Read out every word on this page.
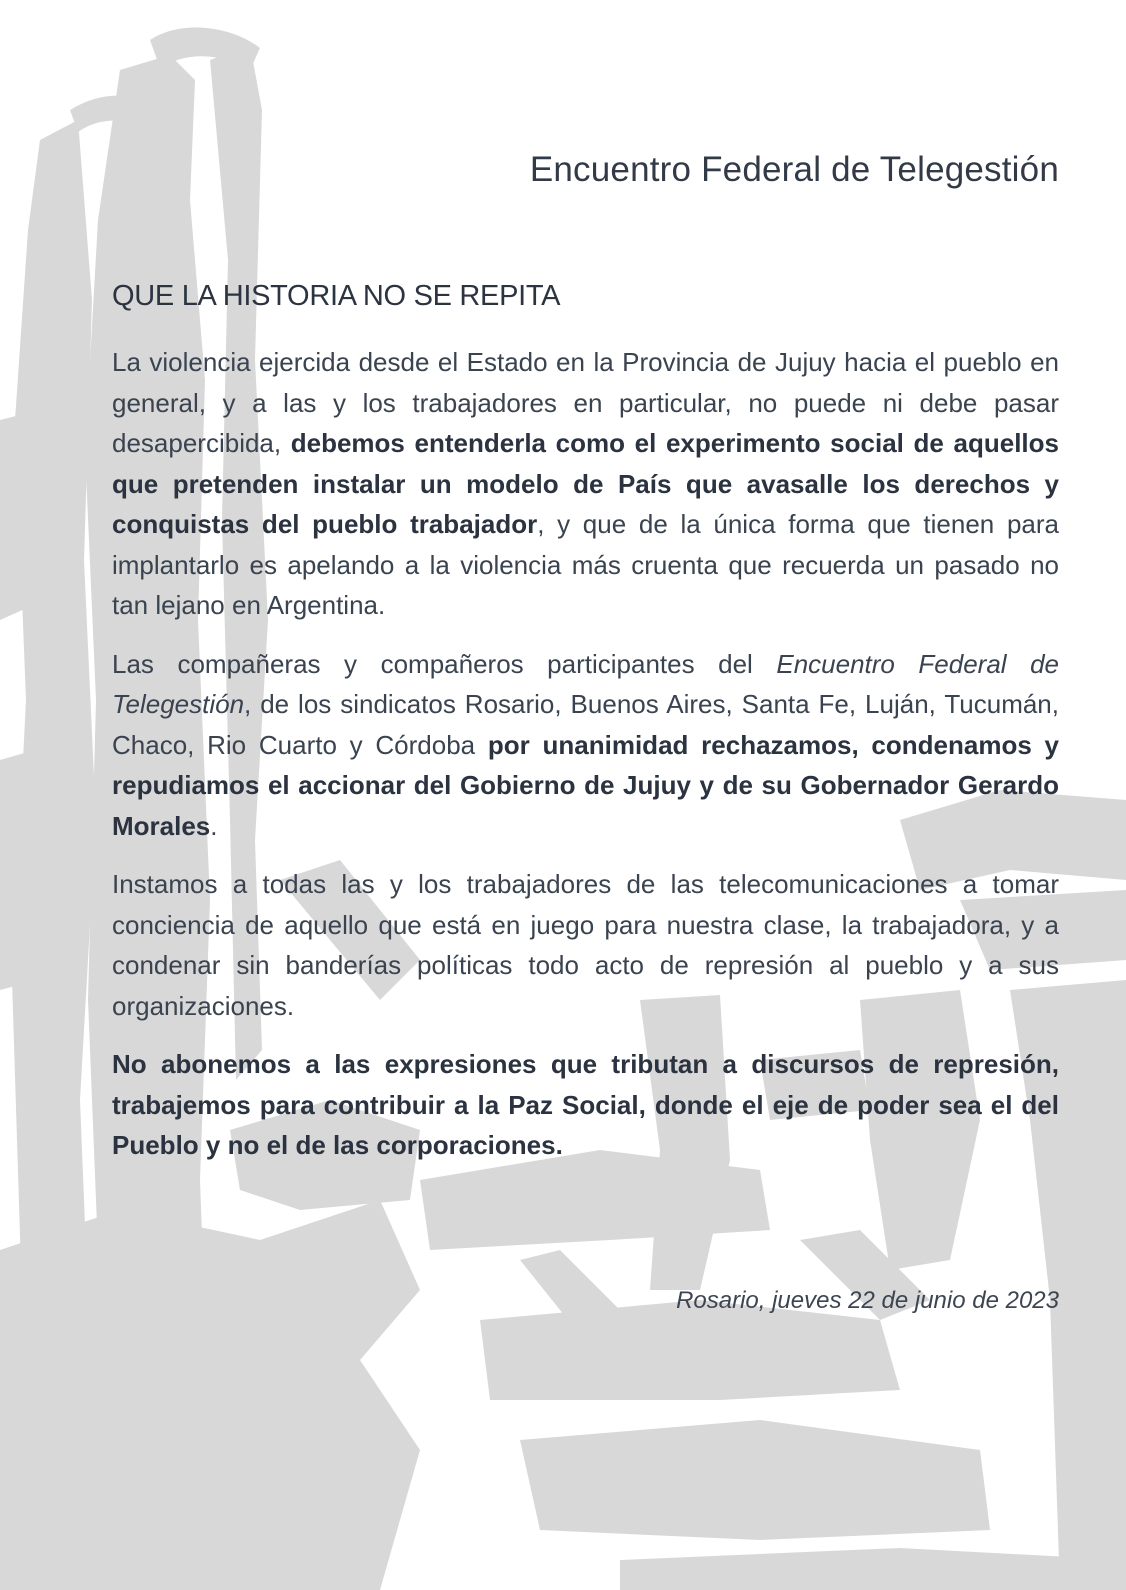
Encuentro Federal de Telegestión
QUE LA HISTORIA NO SE REPITA

La violencia ejercida desde el Estado en la Provincia de Jujuy hacia el pueblo en general, y a las y los trabajadores en particular, no puede ni debe pasar desapercibida, debemos entenderla como el experimento social de aquellos que pretenden instalar un modelo de País que avasalle los derechos y conquistas del pueblo trabajador, y que de la única forma que tienen para implantarlo es apelando a la violencia más cruenta que recuerda un pasado no tan lejano en Argentina.

Las compañeras y compañeros participantes del Encuentro Federal de Telegestión, de los sindicatos Rosario, Buenos Aires, Santa Fe, Luján, Tucumán, Chaco, Rio Cuarto y Córdoba por unanimidad rechazamos, condenamos y repudiamos el accionar del Gobierno de Jujuy y de su Gobernador Gerardo Morales.

Instamos a todas las y los trabajadores de las telecomunicaciones a tomar conciencia de aquello que está en juego para nuestra clase, la trabajadora, y a condenar sin banderías políticas todo acto de represión al pueblo y a sus organizaciones.

No abonemos a las expresiones que tributan a discursos de represión, trabajemos para contribuir a la Paz Social, donde el eje de poder sea el del Pueblo y no el de las corporaciones.

Rosario, jueves 22 de junio de 2023
